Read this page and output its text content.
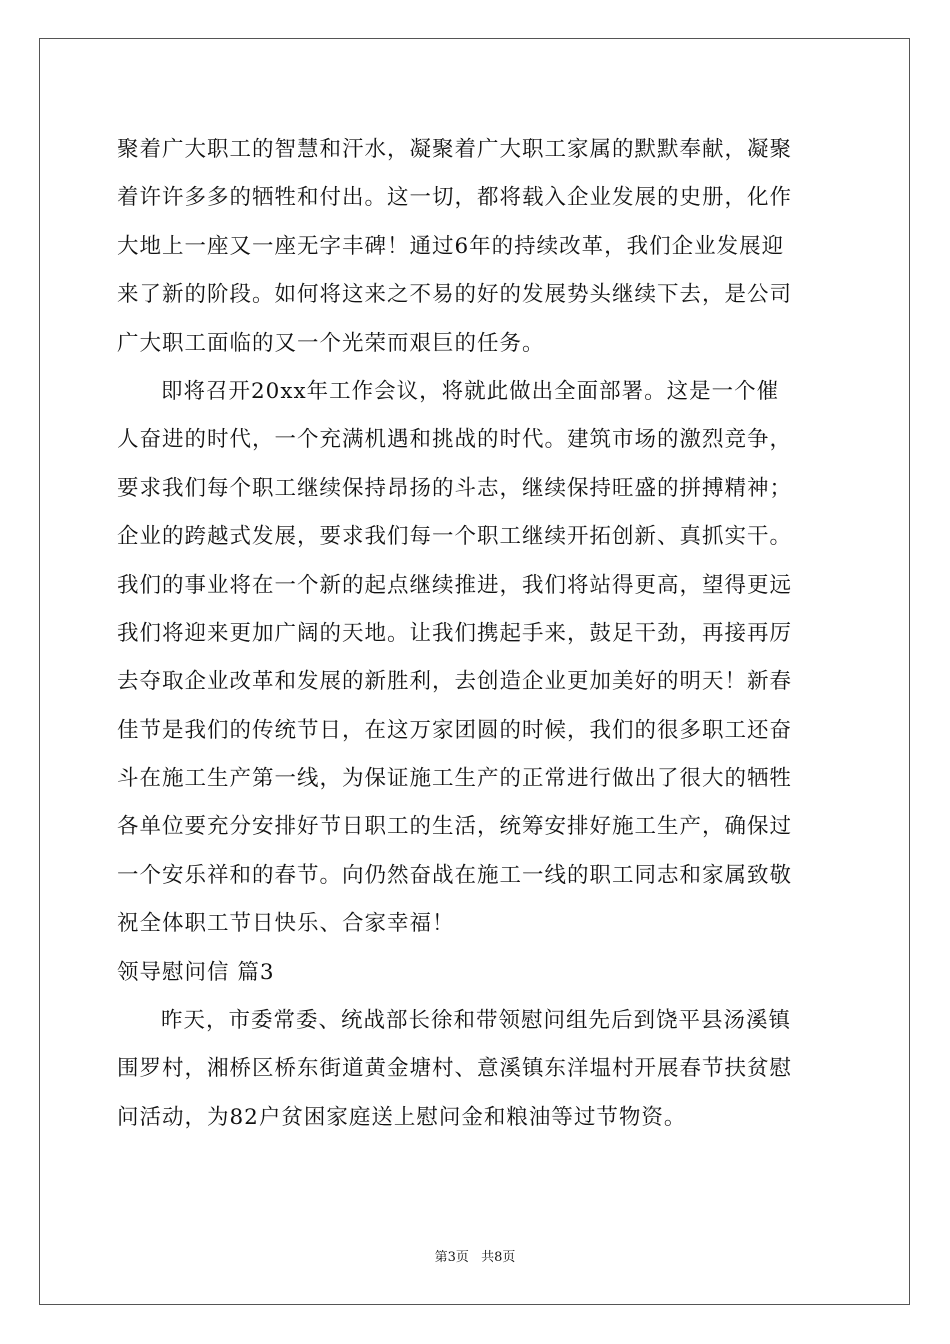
聚着广大职工的智慧和汗水，凝聚着广大职工家属的默默奉献，凝聚
着许许多多的牺牲和付出。这一切，都将载入企业发展的史册，化作
大地上一座又一座无字丰碑！通过6年的持续改革，我们企业发展迎
来了新的阶段。如何将这来之不易的好的发展势头继续下去，是公司
广大职工面临的又一个光荣而艰巨的任务。
即将召开20xx年工作会议，将就此做出全面部署。这是一个催
人奋进的时代，一个充满机遇和挑战的时代。建筑市场的激烈竞争，
要求我们每个职工继续保持昂扬的斗志，继续保持旺盛的拼搏精神；
企业的跨越式发展，要求我们每一个职工继续开拓创新、真抓实干。
我们的事业将在一个新的起点继续推进，我们将站得更高，望得更远
我们将迎来更加广阔的天地。让我们携起手来，鼓足干劲，再接再厉
去夺取企业改革和发展的新胜利，去创造企业更加美好的明天！新春
佳节是我们的传统节日，在这万家团圆的时候，我们的很多职工还奋
斗在施工生产第一线，为保证施工生产的正常进行做出了很大的牺牲
各单位要充分安排好节日职工的生活，统筹安排好施工生产，确保过
一个安乐祥和的春节。向仍然奋战在施工一线的职工同志和家属致敬
祝全体职工节日快乐、合家幸福！
领导慰问信 篇3
昨天，市委常委、统战部长徐和带领慰问组先后到饶平县汤溪镇
围罗村，湘桥区桥东街道黄金塘村、意溪镇东洋塭村开展春节扶贫慰
问活动，为82户贫困家庭送上慰问金和粮油等过节物资。
第3页 共8页
